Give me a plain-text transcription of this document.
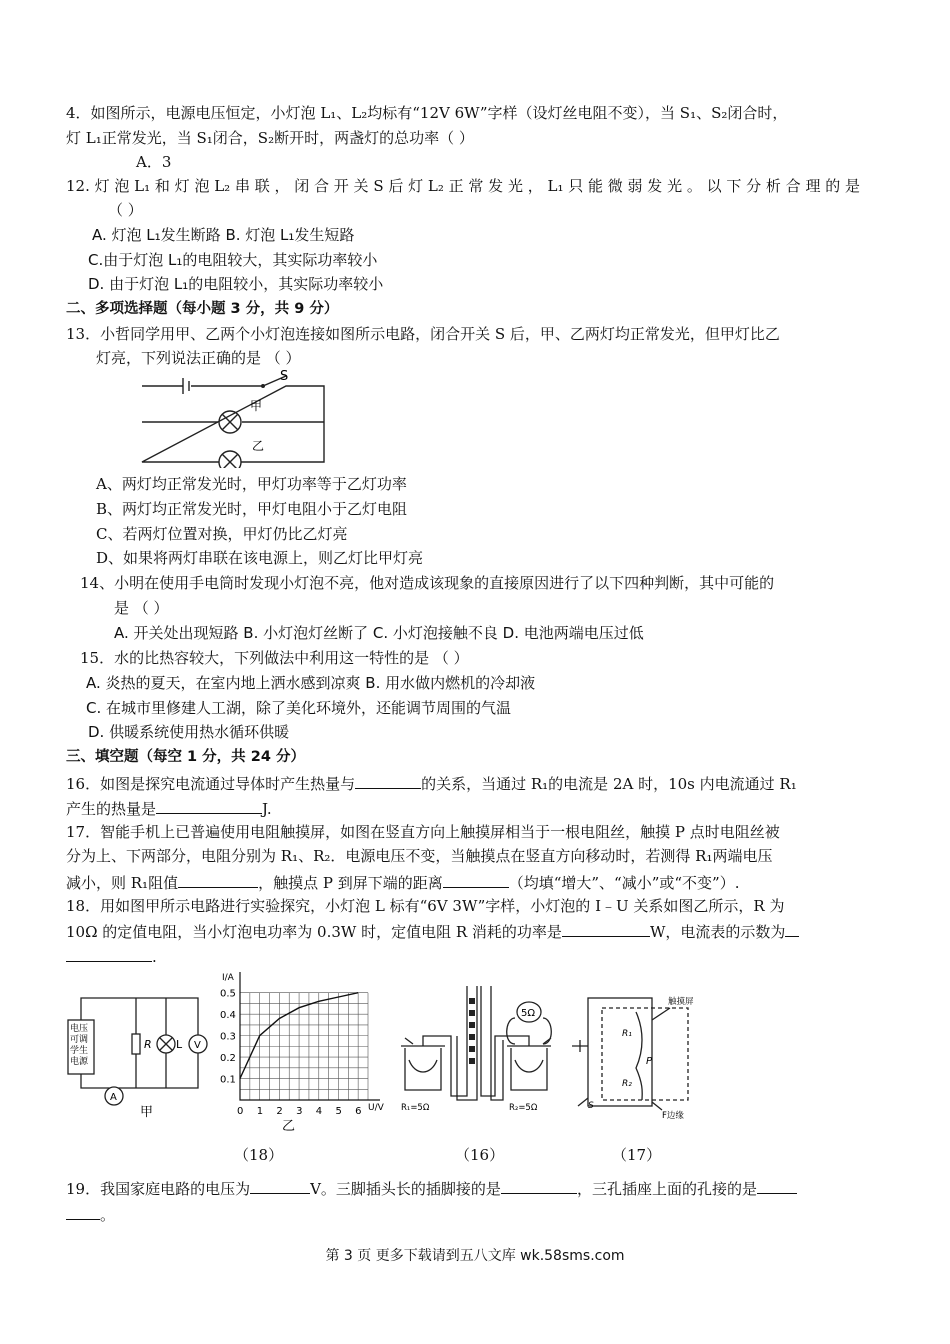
4．如图所示，电源电压恒定，小灯泡 L₁、L₂均标有“12V 6W”字样（设灯丝电阻不变），当 S₁、S₂闭合时，
灯 L₁正常发光，当 S₁闭合，S₂断开时，两盏灯的总功率（ ）
A．3
12. 灯 泡 L₁ 和 灯 泡 L₂ 串 联 ， 闭 合 开 关 S 后 灯 L₂ 正 常 发 光 ， L₁ 只 能 微 弱 发 光 。 以 下 分 析 合 理 的 是
（ ）
A. 灯泡 L₁发生断路 B. 灯泡 L₁发生短路
C.由于灯泡 L₁的电阻较大，其实际功率较小
D. 由于灯泡 L₁的电阻较小，其实际功率较小
二、多项选择题（每小题 3 分，共 9 分）
13．小哲同学用甲、乙两个小灯泡连接如图所示电路，闭合开关 S 后，甲、乙两灯均正常发光，但甲灯比乙
灯亮，下列说法正确的是 （ ）
S
甲
乙
A、两灯均正常发光时，甲灯功率等于乙灯功率
B、两灯均正常发光时，甲灯电阻小于乙灯电阻
C、若两灯位置对换，甲灯仍比乙灯亮
D、如果将两灯串联在该电源上，则乙灯比甲灯亮
14、小明在使用手电筒时发现小灯泡不亮，他对造成该现象的直接原因进行了以下四种判断，其中可能的
是 （ ）
A. 开关处出现短路 B. 小灯泡灯丝断了 C. 小灯泡接触不良 D. 电池两端电压过低
15．水的比热容较大，下列做法中利用这一特性的是 （ ）
A. 炎热的夏天，在室内地上洒水感到凉爽 B. 用水做内燃机的冷却液
C. 在城市里修建人工湖，除了美化环境外，还能调节周围的气温
D. 供暖系统使用热水循环供暖
三、填空题（每空 1 分，共 24 分）
16．如图是探究电流通过导体时产生热量与	的关系，当通过 R₁的电流是 2A 时，10s 内电流通过 R₁
产生的热量是	J.
17．智能手机上已普遍使用电阻触摸屏，如图在竖直方向上触摸屏相当于一根电阻丝，触摸 P 点时电阻丝被
分为上、下两部分，电阻分别为 R₁、R₂．电源电压不变，当触摸点在竖直方向移动时，若测得 R₁两端电压
减小，则 R₁阻值	，触摸点 P 到屏下端的距离	（均填“增大”、“减小”或“不变”）.
18．用如图甲所示电路进行实验探究，小灯泡 L 标有“6V 3W”字样，小灯泡的 I﹣U 关系如图乙所示，R 为
10Ω 的定值电阻，当小灯泡电功率为 0.3W 时，定值电阻 R 消耗的功率是	W，电流表的示数为
.
电压
可调
学生
电源
R L V
A
甲
I/A
U/V
0.1
0.2
0.3
0.4
0.5
0 1 2 3 4 5 6
乙
5Ω
R₁=5Ω	R₂=5Ω
触摸屏
R₁
R₂
P
S
F边缘
（18）	（16）	（17）
19．我国家庭电路的电压为	V。三脚插头长的插脚接的是	，三孔插座上面的孔接的是
。
第 3 页 更多下载请到五八文库 wk.58sms.com
